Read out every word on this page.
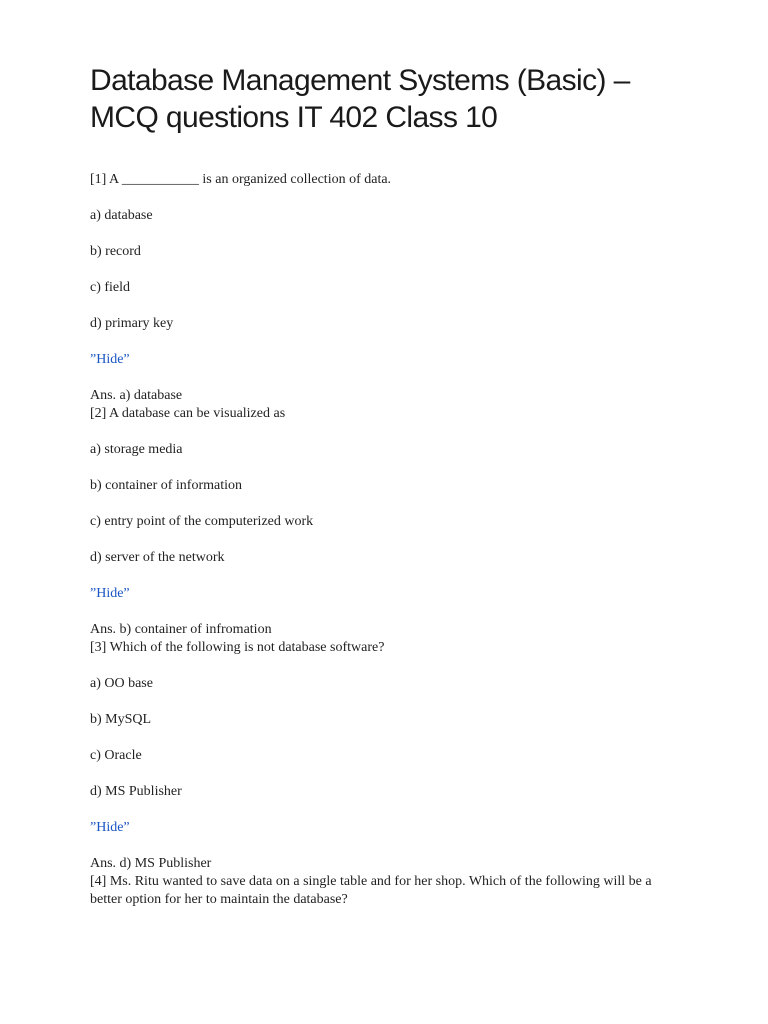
Database Management Systems (Basic) – MCQ questions IT 402 Class 10
[1] A ___________ is an organized collection of data.
a) database
b) record
c) field
d) primary key
”Hide”
Ans. a) database
[2] A database can be visualized as
a) storage media
b) container of information
c) entry point of the computerized work
d) server of the network
”Hide”
Ans. b) container of infromation
[3] Which of the following is not database software?
a) OO base
b) MySQL
c) Oracle
d) MS Publisher
”Hide”
Ans. d) MS Publisher
[4] Ms. Ritu wanted to save data on a single table and for her shop. Which of the following will be a better option for her to maintain the database?
